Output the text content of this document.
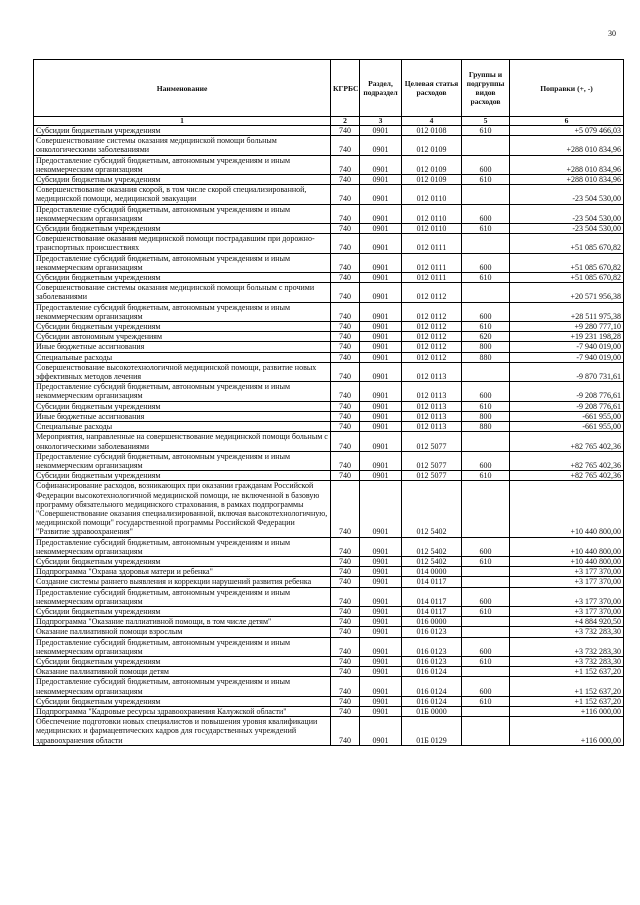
30
Наименование	КГРБС	Раздел, подраздел	Целевая статья расходов	Группы и подгруппы видов расходов	Поправки (+, -)
1	2	3	4	5	6
Субсидии бюджетным учреждениям	740	0901	012 0108	610	+5 079 466,03
Совершенствование системы оказания медицинской помощи больным онкологическими заболеваниями	740	0901	012 0109		+288 010 834,96
Предоставление субсидий бюджетным, автономным учреждениям и иным некоммерческим организациям	740	0901	012 0109	600	+288 010 834,96
Субсидии бюджетным учреждениям	740	0901	012 0109	610	+288 010 834,96
Совершенствование оказания скорой, в том числе скорой специализированной, медицинской помощи, медицинской эвакуации	740	0901	012 0110		-23 504 530,00
Предоставление субсидий бюджетным, автономным учреждениям и иным некоммерческим организациям	740	0901	012 0110	600	-23 504 530,00
Субсидии бюджетным учреждениям	740	0901	012 0110	610	-23 504 530,00
Совершенствование оказания медицинской помощи пострадавшим при дорожно-транспортных происшествиях	740	0901	012 0111		+51 085 670,82
Предоставление субсидий бюджетным, автономным учреждениям и иным некоммерческим организациям	740	0901	012 0111	600	+51 085 670,82
Субсидии бюджетным учреждениям	740	0901	012 0111	610	+51 085 670,82
Совершенствование системы оказания медицинской помощи больным с прочими заболеваниями	740	0901	012 0112		+20 571 956,38
Предоставление субсидий бюджетным, автономным учреждениям и иным некоммерческим организациям	740	0901	012 0112	600	+28 511 975,38
Субсидии бюджетным учреждениям	740	0901	012 0112	610	+9 280 777,10
Субсидии автономным учреждениям	740	0901	012 0112	620	+19 231 198,28
Иные бюджетные ассигнования	740	0901	012 0112	800	-7 940 019,00
Специальные расходы	740	0901	012 0112	880	-7 940 019,00
Совершенствование высокотехнологичной медицинской помощи, развитие новых эффективных методов лечения	740	0901	012 0113		-9 870 731,61
Предоставление субсидий бюджетным, автономным учреждениям и иным некоммерческим организациям	740	0901	012 0113	600	-9 208 776,61
Субсидии бюджетным учреждениям	740	0901	012 0113	610	-9 208 776,61
Иные бюджетные ассигнования	740	0901	012 0113	800	-661 955,00
Специальные расходы	740	0901	012 0113	880	-661 955,00
Мероприятия, направленные на совершенствование медицинской помощи больным с онкологическими заболеваниями	740	0901	012 5077		+82 765 402,36
Предоставление субсидий бюджетным, автономным учреждениям и иным некоммерческим организациям	740	0901	012 5077	600	+82 765 402,36
Субсидии бюджетным учреждениям	740	0901	012 5077	610	+82 765 402,36
Софинансирование расходов, возникающих при оказании гражданам Российской Федерации высокотехнологичной медицинской помощи, не включенной в базовую программу обязательного медицинского страхования, в рамках подпрограммы "Совершенствование оказания специализированной, включая высокотехнологичную, медицинской помощи" государственной программы Российской Федерации "Развитие здравоохранения"	740	0901	012 5402		+10 440 800,00
Предоставление субсидий бюджетным, автономным учреждениям и иным некоммерческим организациям	740	0901	012 5402	600	+10 440 800,00
Субсидии бюджетным учреждениям	740	0901	012 5402	610	+10 440 800,00
Подпрограмма "Охрана здоровья матери и ребенка"	740	0901	014 0000		+3 177 370,00
Создание системы раннего выявления и коррекции нарушений развития ребенка	740	0901	014 0117		+3 177 370,00
Предоставление субсидий бюджетным, автономным учреждениям и иным некоммерческим организациям	740	0901	014 0117	600	+3 177 370,00
Субсидии бюджетным учреждениям	740	0901	014 0117	610	+3 177 370,00
Подпрограмма "Оказание паллиативной помощи, в том числе детям"	740	0901	016 0000		+4 884 920,50
Оказание паллиативной помощи взрослым	740	0901	016 0123		+3 732 283,30
Предоставление субсидий бюджетным, автономным учреждениям и иным некоммерческим организациям	740	0901	016 0123	600	+3 732 283,30
Субсидии бюджетным учреждениям	740	0901	016 0123	610	+3 732 283,30
Оказание паллиативной помощи детям	740	0901	016 0124		+1 152 637,20
Предоставление субсидий бюджетным, автономным учреждениям и иным некоммерческим организациям	740	0901	016 0124	600	+1 152 637,20
Субсидии бюджетным учреждениям	740	0901	016 0124	610	+1 152 637,20
Подпрограмма "Кадровые ресурсы здравоохранения Калужской области"	740	0901	01Б 0000		+116 000,00
Обеспечение подготовки новых специалистов и повышения уровня квалификации медицинских и фармацевтических кадров для государственных учреждений здравоохранения области	740	0901	01Б 0129		+116 000,00
